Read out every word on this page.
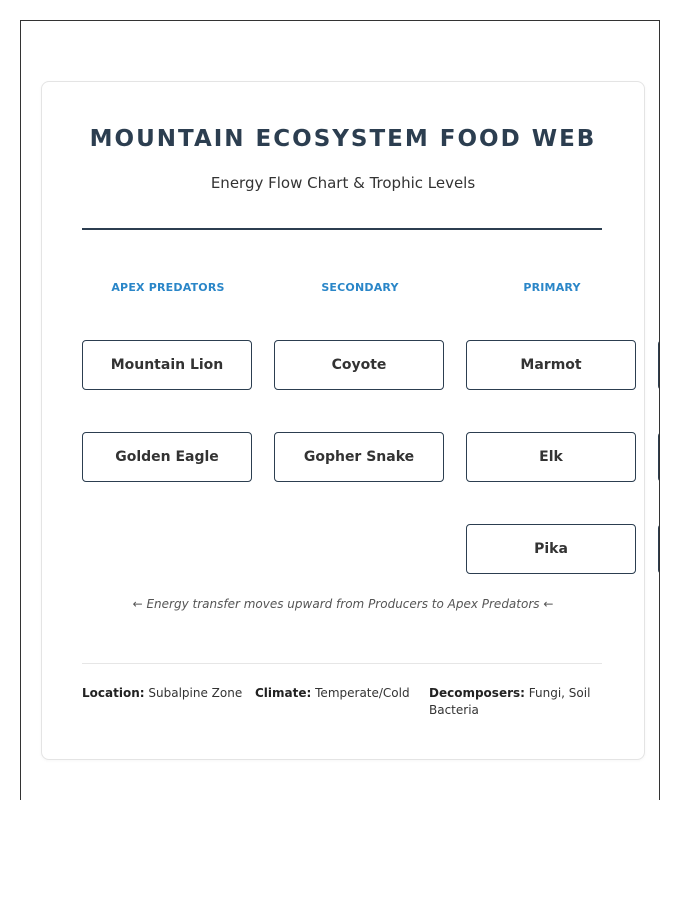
MOUNTAIN ECOSYSTEM FOOD WEB
Energy Flow Chart & Trophic Levels
APEX PREDATORS	SECONDARY	PRIMARY
Mountain Lion
Golden Eagle
Coyote
Gopher Snake
Marmot
Elk
Pika
← Energy transfer moves upward from Producers to Apex Predators ←
Location: Subalpine Zone	Climate: Temperate/Cold	Decomposers: Fungi, Soil Bacteria
